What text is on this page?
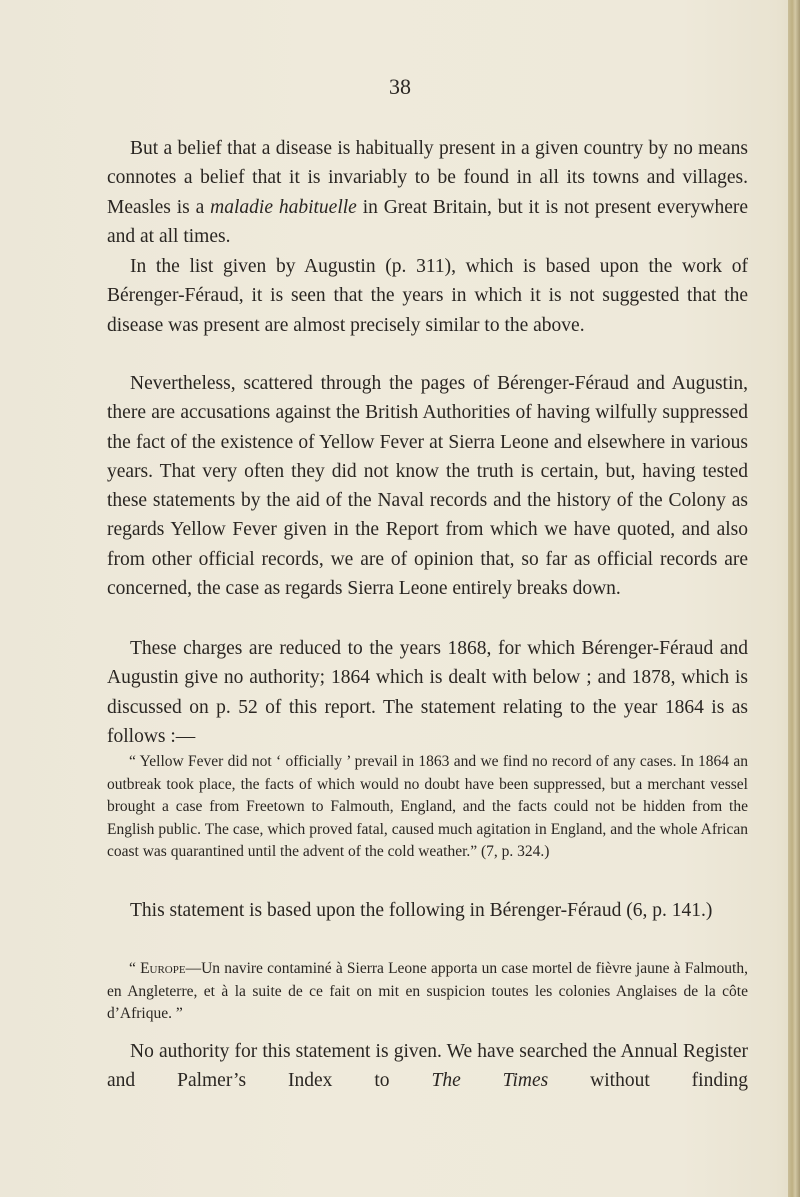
38

But a belief that a disease is habitually present in a given country by no means connotes a belief that it is invariably to be found in all its towns and villages. Measles is a maladie habituelle in Great Britain, but it is not present everywhere and at all times.

In the list given by Augustin (p. 311), which is based upon the work of Bérenger-Féraud, it is seen that the years in which it is not suggested that the disease was present are almost precisely similar to the above.

Nevertheless, scattered through the pages of Bérenger-Féraud and Augustin, there are accusations against the British Authorities of having wilfully suppressed the fact of the existence of Yellow Fever at Sierra Leone and elsewhere in various years. That very often they did not know the truth is certain, but, having tested these statements by the aid of the Naval records and the history of the Colony as regards Yellow Fever given in the Report from which we have quoted, and also from other official records, we are of opinion that, so far as official records are concerned, the case as regards Sierra Leone entirely breaks down.

These charges are reduced to the years 1868, for which Bérenger-Féraud and Augustin give no authority; 1864 which is dealt with below ; and 1878, which is discussed on p. 52 of this report. The statement relating to the year 1864 is as follows :—

“ Yellow Fever did not ‘ officially ’ prevail in 1863 and we find no record of any cases. In 1864 an outbreak took place, the facts of which would no doubt have been suppressed, but a merchant vessel brought a case from Freetown to Falmouth, England, and the facts could not be hidden from the English public. The case, which proved fatal, caused much agitation in England, and the whole African coast was quarantined until the advent of the cold weather.” (7, p. 324.)

This statement is based upon the following in Bérenger-Féraud (6, p. 141.)

“ Europe—Un navire contaminé à Sierra Leone apporta un case mortel de fièvre jaune à Falmouth, en Angleterre, et à la suite de ce fait on mit en suspicion toutes les colonies Anglaises de la côte d’Afrique. ”

No authority for this statement is given. We have searched the Annual Register and Palmer’s Index to The Times without finding
